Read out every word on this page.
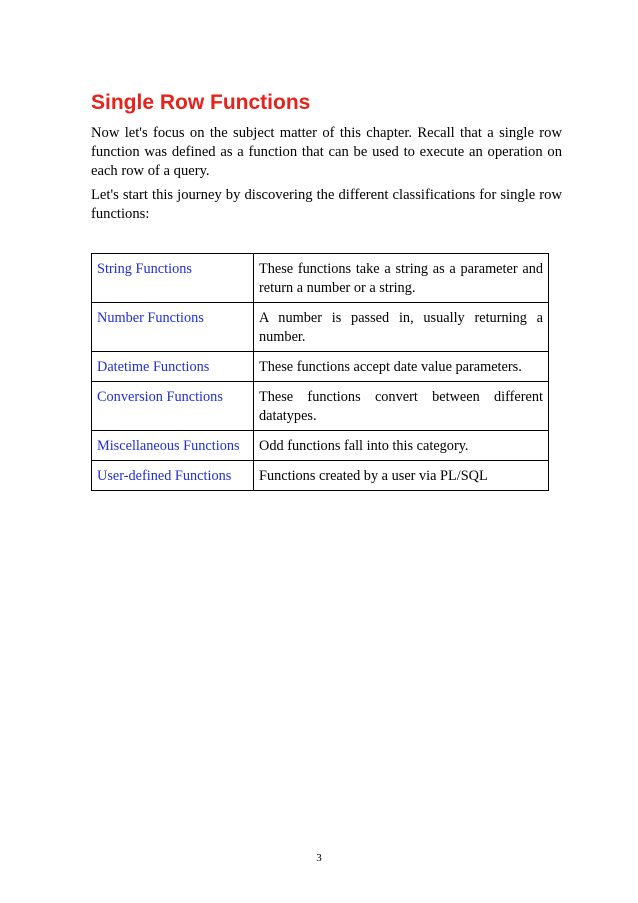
Single Row Functions

Now let's focus on the subject matter of this chapter. Recall that a single row function was defined as a function that can be used to execute an operation on each row of a query.

Let's start this journey by discovering the different classifications for single row functions:

String Functions	These functions take a string as a parameter and return a number or a string.
Number Functions	A number is passed in, usually returning a number.
Datetime Functions	These functions accept date value parameters.
Conversion Functions	These functions convert between different datatypes.
Miscellaneous Functions	Odd functions fall into this category.
User-defined Functions	Functions created by a user via PL/SQL
3
